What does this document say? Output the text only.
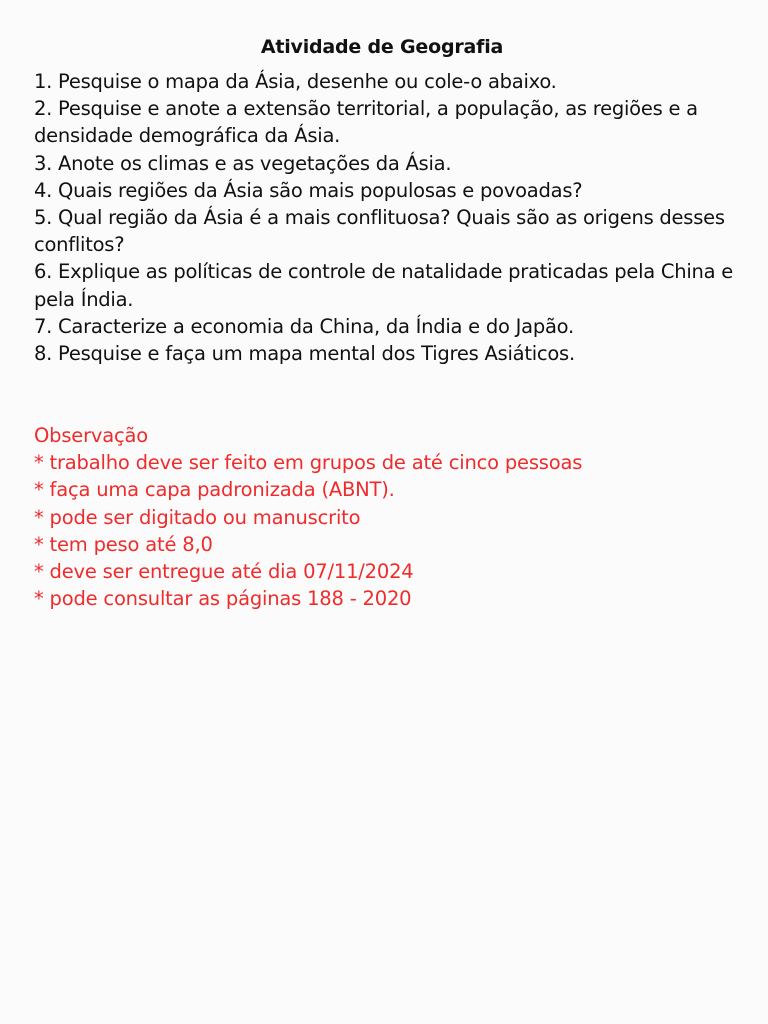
Atividade de Geografia
1. Pesquise o mapa da Ásia, desenhe ou cole-o abaixo.
2. Pesquise e anote a extensão territorial, a população, as regiões e a densidade demográfica da Ásia.
3. Anote os climas e as vegetações da Ásia.
4. Quais regiões da Ásia são mais populosas e povoadas?
5. Qual região da Ásia é a mais conflituosa? Quais são as origens desses conflitos?
6. Explique as políticas de controle de natalidade praticadas pela China e pela Índia.
7. Caracterize a economia da China, da Índia e do Japão.
8. Pesquise e faça um mapa mental dos Tigres Asiáticos.
Observação
* trabalho deve ser feito em grupos de até cinco pessoas
* faça uma capa padronizada (ABNT).
* pode ser digitado ou manuscrito
* tem peso até 8,0
* deve ser entregue até dia 07/11/2024
* pode consultar as páginas 188 - 2020
